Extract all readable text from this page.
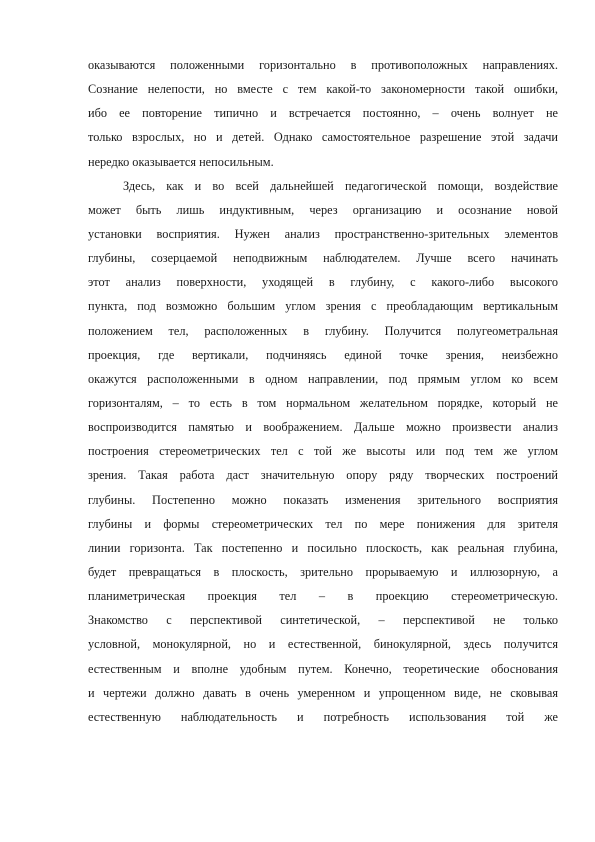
оказываются положенными горизонтально в противоположных направлениях.
Сознание нелепости, но вместе с тем какой-то закономерности такой ошибки,
ибо ее повторение типично и встречается постоянно, – очень волнует не
только взрослых, но и детей. Однако самостоятельное разрешение этой задачи
нередко оказывается непосильным.
Здесь, как и во всей дальнейшей педагогической помощи, воздействие
может быть лишь индуктивным, через организацию и осознание новой
установки восприятия. Нужен анализ пространственно-зрительных элементов
глубины, созерцаемой неподвижным наблюдателем. Лучше всего начинать
этот анализ поверхности, уходящей в глубину, с какого-либо высокого
пункта, под возможно большим углом зрения с преобладающим вертикальным
положением тел, расположенных в глубину. Получится полугеометральная
проекция, где вертикали, подчиняясь единой точке зрения, неизбежно
окажутся расположенными в одном направлении, под прямым углом ко всем
горизонталям, – то есть в том нормальном желательном порядке, который не
воспроизводится памятью и воображением. Дальше можно произвести анализ
построения стереометрических тел с той же высоты или под тем же углом
зрения. Такая работа даст значительную опору ряду творческих построений
глубины. Постепенно можно показать изменения зрительного восприятия
глубины и формы стереометрических тел по мере понижения для зрителя
линии горизонта. Так постепенно и посильно плоскость, как реальная глубина,
будет превращаться в плоскость, зрительно прорываемую и иллюзорную, а
планиметрическая проекция тел – в проекцию стереометрическую.
Знакомство с перспективой синтетической, – перспективой не только
условной, монокулярной, но и естественной, бинокулярной, здесь получится
естественным и вполне удобным путем. Конечно, теоретические обоснования
и чертежи должно давать в очень умеренном и упрощенном виде, не сковывая
естественную наблюдательность и потребность использования той же
